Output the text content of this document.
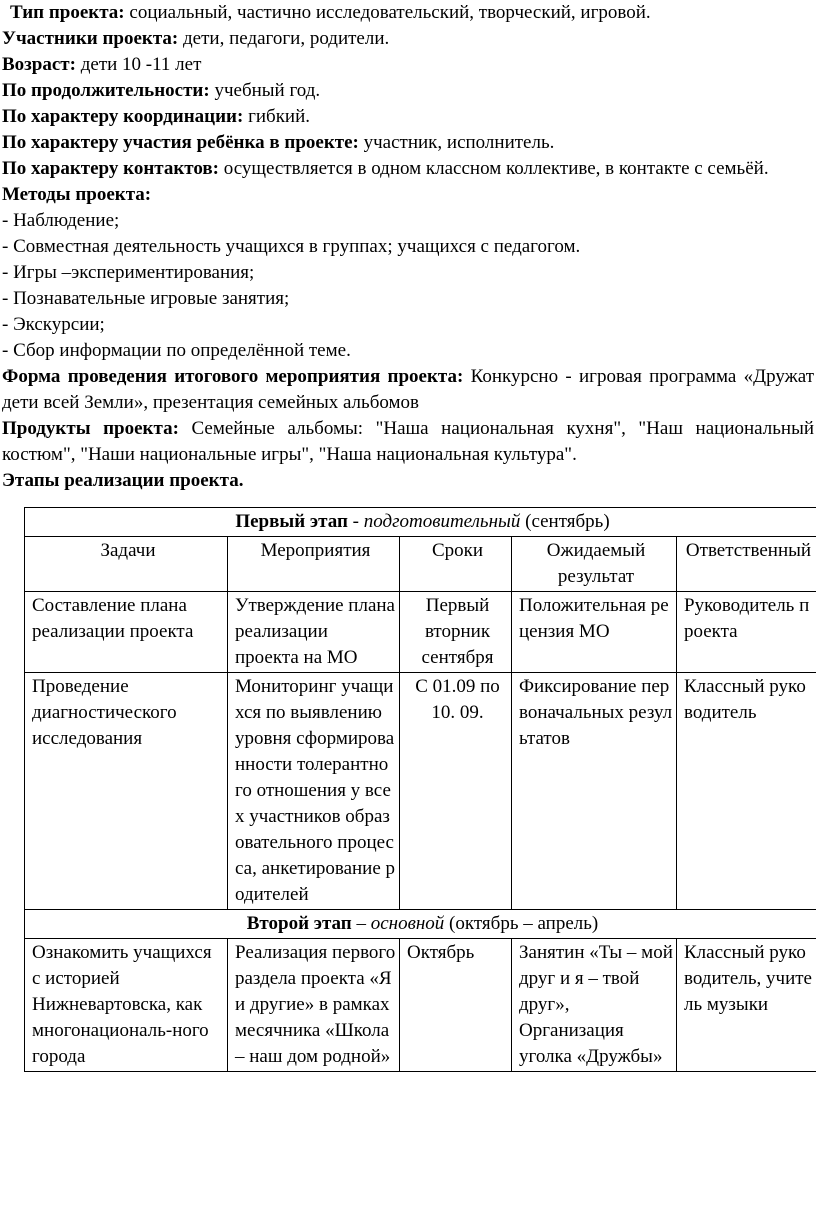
Тип проекта: социальный, частично исследовательский, творческий, игровой.

Участники проекта: дети, педагоги, родители.

Возраст: дети 10 -11 лет

По продолжительности: учебный год.

По характеру координации: гибкий.

По характеру участия ребёнка в проекте: участник, исполнитель.

По характеру контактов: осуществляется в одном классном коллективе, в контакте с семьёй.

Методы проекта:

- Наблюдение;

- Совместная деятельность учащихся в группах; учащихся с педагогом.

- Игры –экспериментирования;

- Познавательные игровые занятия;

- Экскурсии;

- Сбор информации по определённой теме.

Форма проведения итогового мероприятия проекта: Конкурсно - игровая программа «Дружат дети всей Земли», презентация семейных альбомов

Продукты проекта: Семейные альбомы: "Наша национальная кухня", "Наш национальный костюм", "Наши национальные игры", "Наша национальная культура".

Этапы реализации проекта.

Первый этап - подготовительный (сентябрь)				
Задачи	Мероприятия	Сроки	Ожидаемый результат	Ответственный
Составление плана реализации проекта	Утверждение плана реализации проекта на МО	Первый вторник сентября	Положительная рецензия МО	Руководитель проекта
Проведение диагностического исследования	Мониторинг учащихся по выявлению уровня сформированности толерантного отношения у всех участников образовательного процесса, анкетирование родителей	С 01.09 по 10. 09.	Фиксирование первоначальных результатов	Классный руководитель
Второй этап – основной (октябрь – апрель)				
Ознакомить учащихся с историей Нижневартовска, как многонациональ-ного города	Реализация первого раздела проекта «Я и другие» в рамках месячника «Школа – наш дом родной»	Октябрь	Занятин «Ты – мой друг и я – твой друг», Организация уголка «Дружбы»	Классный руководитель, учитель музыки
